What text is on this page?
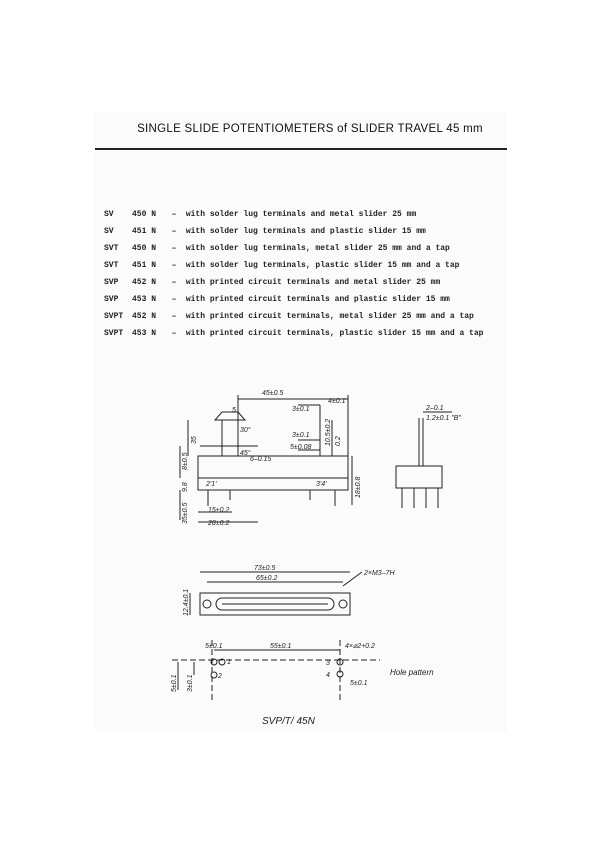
SINGLE SLIDE POTENTIOMETERS of SLIDER TRAVEL 45 mm
SV 450 N – with solder lug terminals and metal slider 25 mm
SV 451 N – with solder lug terminals and plastic slider 15 mm
SVT 450 N – with solder lug terminals, metal slider 25 mm and a tap
SVT 451 N – with solder lug terminals, plastic slider 15 mm and a tap
SVP 452 N – with printed circuit terminals and metal slider 25 mm
SVP 453 N – with printed circuit terminals and plastic slider 15 mm
SVPT 452 N – with printed circuit terminals, metal slider 25 mm and a tap
SVPT 453 N – with printed circuit terminals, plastic slider 15 mm and a tap
45±0.5
3±0.1
4±0.1
5
30°
45°
6–0.15
3±0.1
5±0.08
2'1'	3'4'
15±0.2
28±0.2
2–0.1
1.2±0.1 "B"
73±0.5
65±0.2
2×M3–7H
5±0.1	55±0.1	4×⌀2+0.2
5±0.1
1
2
3
4	Hole pattern
35
8±0.5
9.8
35±0.5
10.5±0.2 0.2
18±0.8
12.4±0.1
5±0.1 3±0.1
SVP/T/ 45N
